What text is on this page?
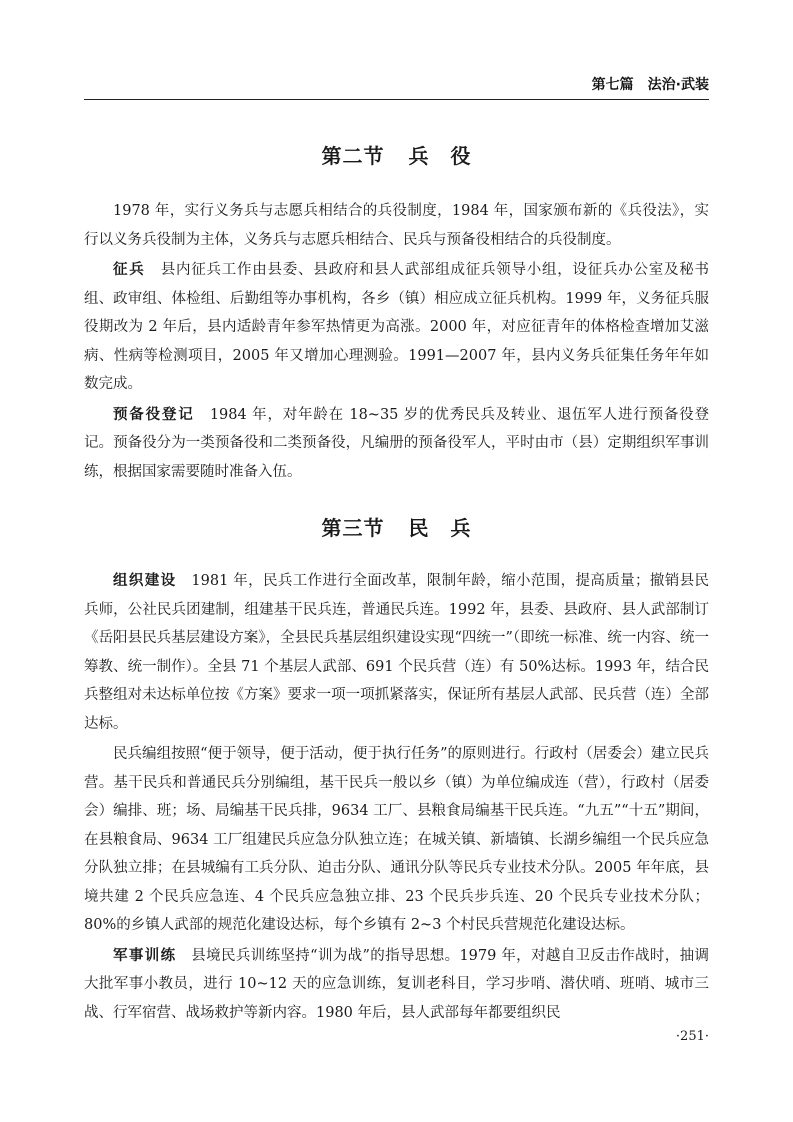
第七篇　法治·武装
第二节 兵　役

1978 年，实行义务兵与志愿兵相结合的兵役制度，1984 年，国家颁布新的《兵役法》，实行以义务兵役制为主体，义务兵与志愿兵相结合、民兵与预备役相结合的兵役制度。

征兵　 县内征兵工作由县委、县政府和县人武部组成征兵领导小组，设征兵办公室及秘书组、政审组、体检组、后勤组等办事机构，各乡（镇）相应成立征兵机构。1999 年，义务征兵服役期改为 2 年后，县内适龄青年参军热情更为高涨。2000 年，对应征青年的体格检查增加艾滋病、性病等检测项目，2005 年又增加心理测验。1991—2007 年，县内义务兵征集任务年年如数完成。

预备役登记　 1984 年，对年龄在 18~35 岁的优秀民兵及转业、退伍军人进行预备役登记。预备役分为一类预备役和二类预备役，凡编册的预备役军人，平时由市（县）定期组织军事训练，根据国家需要随时准备入伍。

第三节 民　兵

组织建设　 1981 年，民兵工作进行全面改革，限制年龄，缩小范围，提高质量；撤销县民兵师，公社民兵团建制，组建基干民兵连，普通民兵连。1992 年，县委、县政府、县人武部制订《岳阳县民兵基层建设方案》，全县民兵基层组织建设实现“四统一”（即统一标准、统一内容、统一筹教、统一制作）。全县 71 个基层人武部、691 个民兵营（连）有 50%达标。1993 年，结合民兵整组对未达标单位按《方案》要求一项一项抓紧落实，保证所有基层人武部、民兵营（连）全部达标。

民兵编组按照“便于领导，便于活动，便于执行任务”的原则进行。行政村（居委会）建立民兵营。基干民兵和普通民兵分别编组，基干民兵一般以乡（镇）为单位编成连（营），行政村（居委会）编排、班；场、局编基干民兵排，9634 工厂、县粮食局编基干民兵连。“九五”“十五”期间，在县粮食局、9634 工厂组建民兵应急分队独立连；在城关镇、新墙镇、长湖乡编组一个民兵应急分队独立排；在县城编有工兵分队、迫击分队、通讯分队等民兵专业技术分队。2005 年年底，县境共建 2 个民兵应急连、4 个民兵应急独立排、23 个民兵步兵连、20 个民兵专业技术分队；80%的乡镇人武部的规范化建设达标，每个乡镇有 2~3 个村民兵营规范化建设达标。

军事训练　 县境民兵训练坚持“训为战”的指导思想。1979 年，对越自卫反击作战时，抽调大批军事小教员，进行 10~12 天的应急训练，复训老科目，学习步哨、潜伏哨、班哨、城市三战、行军宿营、战场救护等新内容。1980 年后，县人武部每年都要组织民

·251·
